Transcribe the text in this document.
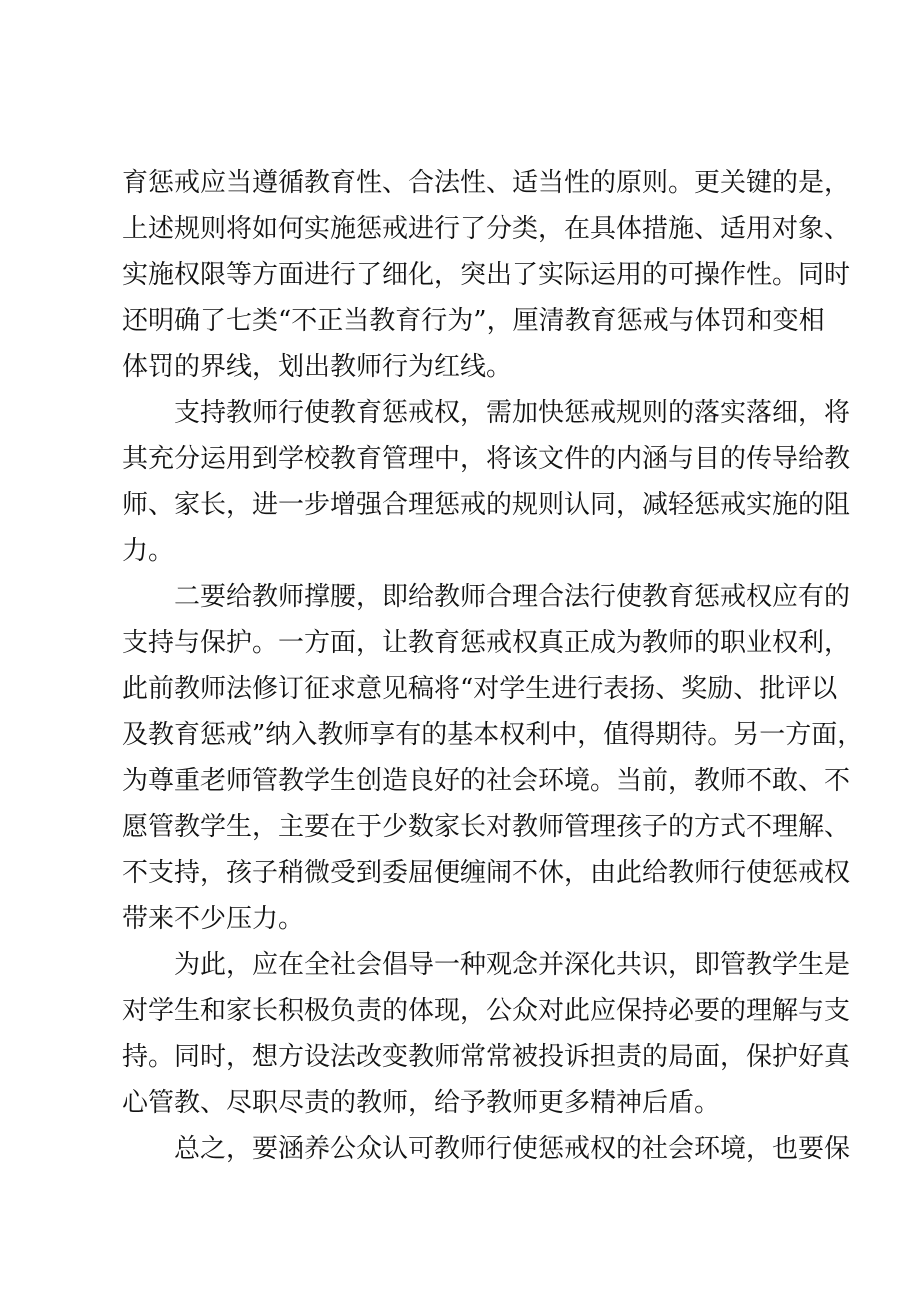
育惩戒应当遵循教育性、合法性、适当性的原则。更关键的是，
上述规则将如何实施惩戒进行了分类，在具体措施、适用对象、
实施权限等方面进行了细化，突出了实际运用的可操作性。同时
还明确了七类“不正当教育行为”，厘清教育惩戒与体罚和变相
体罚的界线，划出教师行为红线。
支持教师行使教育惩戒权，需加快惩戒规则的落实落细，将
其充分运用到学校教育管理中，将该文件的内涵与目的传导给教
师、家长，进一步增强合理惩戒的规则认同，减轻惩戒实施的阻
力。
二要给教师撑腰，即给教师合理合法行使教育惩戒权应有的
支持与保护。一方面，让教育惩戒权真正成为教师的职业权利，
此前教师法修订征求意见稿将“对学生进行表扬、奖励、批评以
及教育惩戒”纳入教师享有的基本权利中，值得期待。另一方面，
为尊重老师管教学生创造良好的社会环境。当前，教师不敢、不
愿管教学生，主要在于少数家长对教师管理孩子的方式不理解、
不支持，孩子稍微受到委屈便缠闹不休，由此给教师行使惩戒权
带来不少压力。
为此，应在全社会倡导一种观念并深化共识，即管教学生是
对学生和家长积极负责的体现，公众对此应保持必要的理解与支
持。同时，想方设法改变教师常常被投诉担责的局面，保护好真
心管教、尽职尽责的教师，给予教师更多精神后盾。
总之，要涵养公众认可教师行使惩戒权的社会环境，也要保
